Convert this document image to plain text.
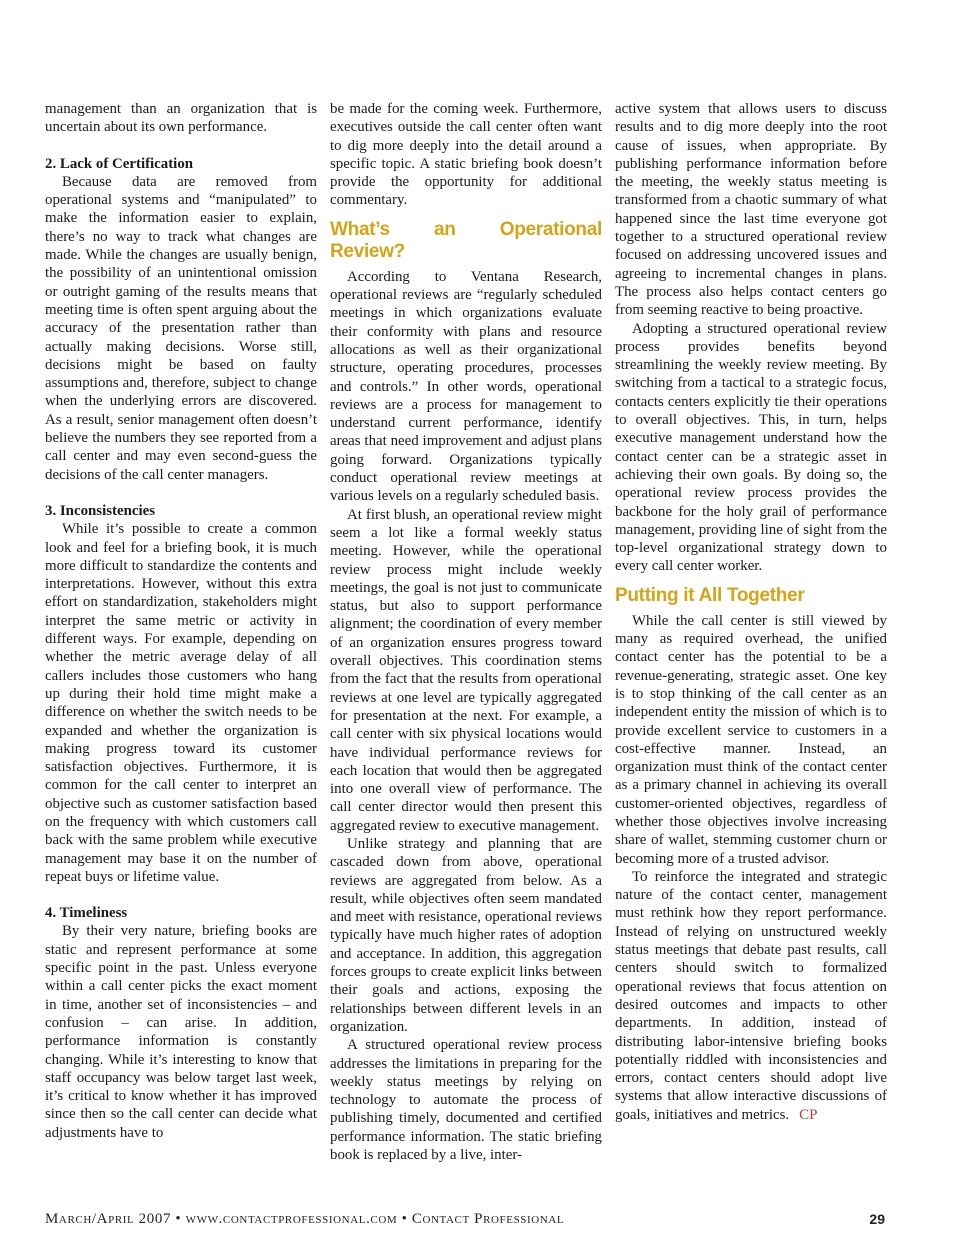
management than an organization that is uncertain about its own performance.

2. Lack of Certification

Because data are removed from operational systems and “manipulated” to make the information easier to explain, there’s no way to track what changes are made. While the changes are usually benign, the possibility of an unintentional omission or outright gaming of the results means that meeting time is often spent arguing about the accuracy of the presentation rather than actually making decisions. Worse still, decisions might be based on faulty assumptions and, therefore, subject to change when the underlying errors are discovered. As a result, senior management often doesn’t believe the numbers they see reported from a call center and may even second-guess the decisions of the call center managers.

3. Inconsistencies

While it’s possible to create a common look and feel for a briefing book, it is much more difficult to standardize the contents and interpretations. However, without this extra effort on standardization, stakeholders might interpret the same metric or activity in different ways. For example, depending on whether the metric average delay of all callers includes those customers who hang up during their hold time might make a difference on whether the switch needs to be expanded and whether the organization is making progress toward its customer satisfaction objectives. Furthermore, it is common for the call center to interpret an objective such as customer satisfaction based on the frequency with which customers call back with the same problem while executive management may base it on the number of repeat buys or lifetime value.

4. Timeliness

By their very nature, briefing books are static and represent performance at some specific point in the past. Unless everyone within a call center picks the exact moment in time, another set of inconsistencies – and confusion – can arise. In addition, performance information is constantly changing. While it’s interesting to know that staff occupancy was below target last week, it’s critical to know whether it has improved since then so the call center can decide what adjustments have to

be made for the coming week. Furthermore, executives outside the call center often want to dig more deeply into the detail around a specific topic. A static briefing book doesn’t provide the opportunity for additional commentary.

What’s an Operational Review?

According to Ventana Research, operational reviews are “regularly scheduled meetings in which organizations evaluate their conformity with plans and resource allocations as well as their organizational structure, operating procedures, processes and controls.” In other words, operational reviews are a process for management to understand current performance, identify areas that need improvement and adjust plans going forward. Organizations typically conduct operational review meetings at various levels on a regularly scheduled basis.

At first blush, an operational review might seem a lot like a formal weekly status meeting. However, while the operational review process might include weekly meetings, the goal is not just to communicate status, but also to support performance alignment; the coordination of every member of an organization ensures progress toward overall objectives. This coordination stems from the fact that the results from operational reviews at one level are typically aggregated for presentation at the next. For example, a call center with six physical locations would have individual performance reviews for each location that would then be aggregated into one overall view of performance. The call center director would then present this aggregated review to executive management.

Unlike strategy and planning that are cascaded down from above, operational reviews are aggregated from below. As a result, while objectives often seem mandated and meet with resistance, operational reviews typically have much higher rates of adoption and acceptance. In addition, this aggregation forces groups to create explicit links between their goals and actions, exposing the relationships between different levels in an organization.

A structured operational review process addresses the limitations in preparing for the weekly status meetings by relying on technology to automate the process of publishing timely, documented and certified performance information. The static briefing book is replaced by a live, inter-

active system that allows users to discuss results and to dig more deeply into the root cause of issues, when appropriate. By publishing performance information before the meeting, the weekly status meeting is transformed from a chaotic summary of what happened since the last time everyone got together to a structured operational review focused on addressing uncovered issues and agreeing to incremental changes in plans. The process also helps contact centers go from seeming reactive to being proactive.

Adopting a structured operational review process provides benefits beyond streamlining the weekly review meeting. By switching from a tactical to a strategic focus, contacts centers explicitly tie their operations to overall objectives. This, in turn, helps executive management understand how the contact center can be a strategic asset in achieving their own goals. By doing so, the operational review process provides the backbone for the holy grail of performance management, providing line of sight from the top-level organizational strategy down to every call center worker.

Putting it All Together

While the call center is still viewed by many as required overhead, the unified contact center has the potential to be a revenue-generating, strategic asset. One key is to stop thinking of the call center as an independent entity the mission of which is to provide excellent service to customers in a cost-effective manner. Instead, an organization must think of the contact center as a primary channel in achieving its overall customer-oriented objectives, regardless of whether those objectives involve increasing share of wallet, stemming customer churn or becoming more of a trusted advisor.

To reinforce the integrated and strategic nature of the contact center, management must rethink how they report performance. Instead of relying on unstructured weekly status meetings that debate past results, call centers should switch to formalized operational reviews that focus attention on desired outcomes and impacts to other departments. In addition, instead of distributing labor-intensive briefing books potentially riddled with inconsistencies and errors, contact centers should adopt live systems that allow interactive discussions of goals, initiatives and metrics. CP

March/April 2007 • www.contactprofessional.com • Contact Professional	29
